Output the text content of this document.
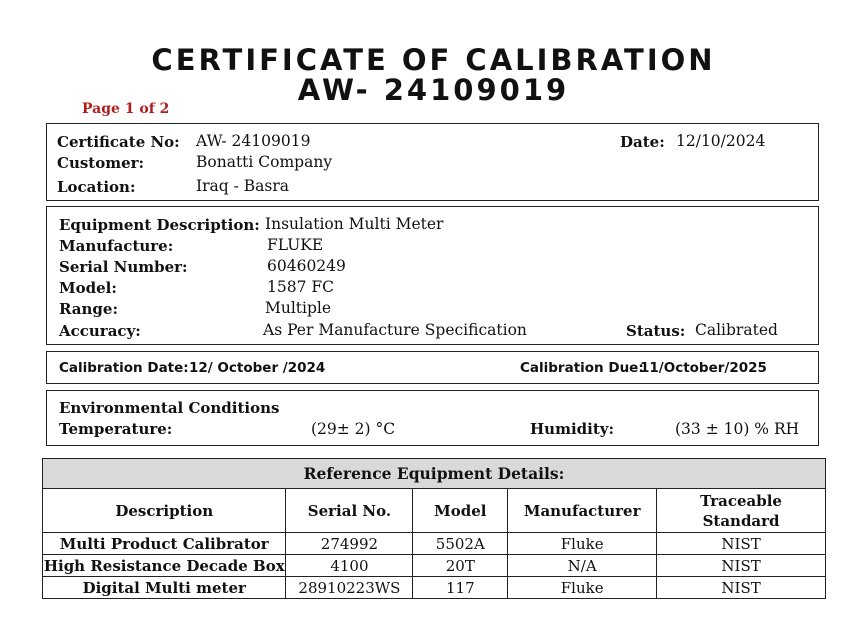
CERTIFICATE OF CALIBRATION
AW- 24109019
Page 1 of 2
Certificate No: AW- 24109019	Date: 12/10/2024
Customer:	Bonatti Company
Location:	Iraq - Basra
Equipment Description: Insulation Multi Meter
Manufacture:	FLUKE
Serial Number:	60460249
Model:	1587 FC
Range:	Multiple
Accuracy:	As Per Manufacture Specification	Status: Calibrated
Calibration Date: 12/ October /2024	Calibration Due:
11/October/2025
Environmental Conditions
Temperature:	(29± 2) °C	Humidity:	(33 ± 10) % RH
Reference Equipment Details:				
Description	Serial No.	Model	Manufacturer	Traceable Standard
Multi Product Calibrator	274992	5502A	Fluke	NIST
High Resistance Decade Box	4100	20T	N/A	NIST
Digital Multi meter	28910223WS	117	Fluke	NIST
